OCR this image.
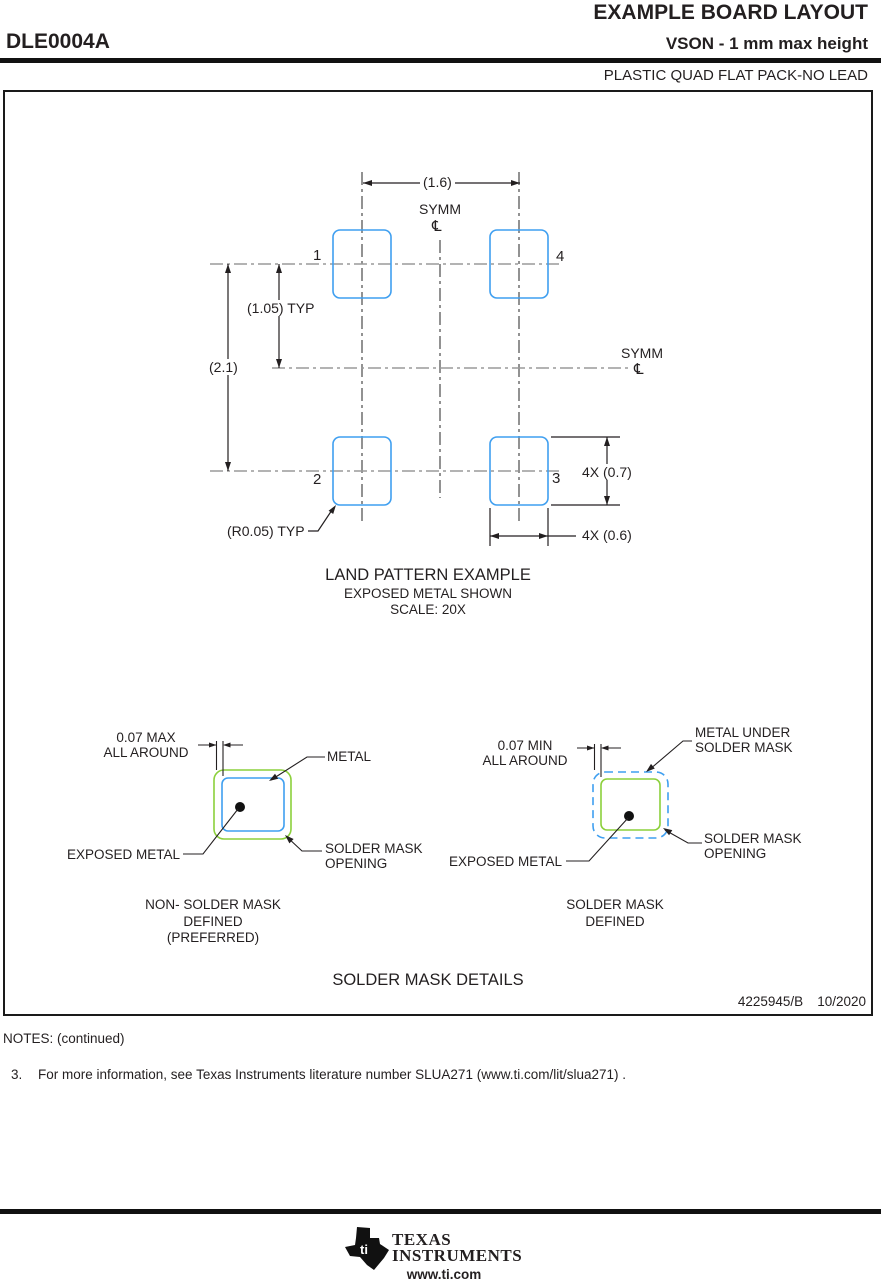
EXAMPLE BOARD LAYOUT
DLE0004A	VSON - 1 mm max height
PLASTIC QUAD FLAT PACK-NO LEAD
(1.6)
SYMM
℄
1	4
(1.05) TYP
(2.1)
SYMM
℄
2	3 4X (0.7)
4X (0.6)
(R0.05) TYP
LAND PATTERN EXAMPLE
EXPOSED METAL SHOWN
SCALE: 20X
0.07 MAX
ALL AROUND	METAL
EXPOSED METAL	SOLDER MASK
OPENING
NON- SOLDER MASK
DEFINED
(PREFERRED)
0.07 MIN
ALL AROUND
METAL UNDER
SOLDER MASK
EXPOSED METAL
SOLDER MASK
OPENING
SOLDER MASK
DEFINED
SOLDER MASK DETAILS
4225945/B 10/2020
NOTES: (continued)
3. For more information, see Texas Instruments literature number SLUA271 (www.ti.com/lit/slua271) .
ti
TEXAS
INSTRUMENTS
www.ti.com
